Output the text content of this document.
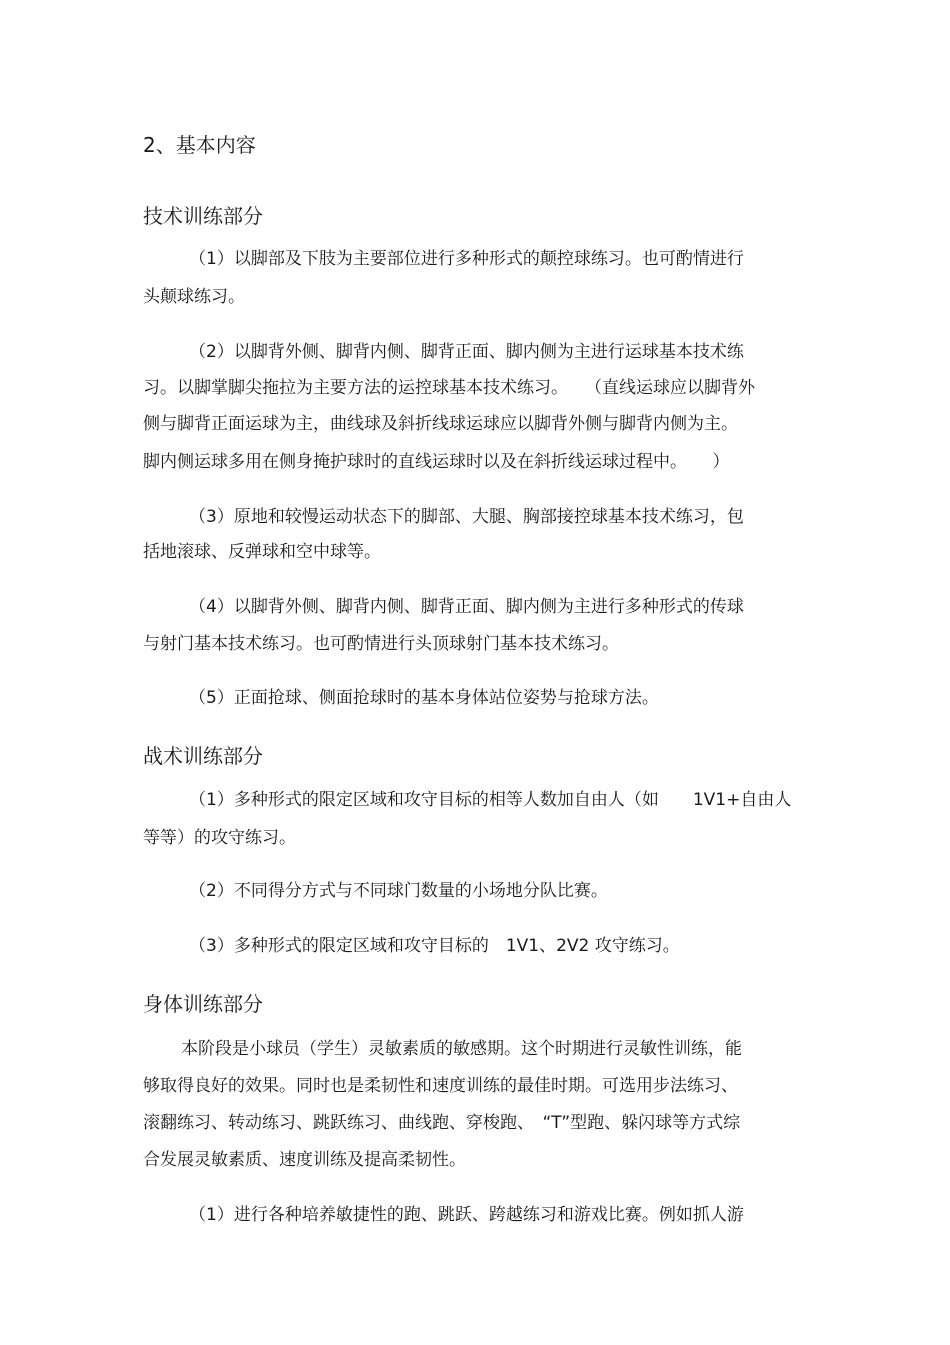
2、基本内容
技术训练部分
（1）以脚部及下肢为主要部位进行多种形式的颠控球练习。也可酌情进行
头颠球练习。
（2）以脚背外侧、脚背内侧、脚背正面、脚内侧为主进行运球基本技术练
习。以脚掌脚尖拖拉为主要方法的运控球基本技术练习。　　（直线运球应以脚背外
侧与脚背正面运球为主，曲线球及斜折线球运球应以脚背外侧与脚背内侧为主。
脚内侧运球多用在侧身掩护球时的直线运球时以及在斜折线运球过程中。　　）
（3）原地和较慢运动状态下的脚部、大腿、胸部接控球基本技术练习，包
括地滚球、反弹球和空中球等。
（4）以脚背外侧、脚背内侧、脚背正面、脚内侧为主进行多种形式的传球
与射门基本技术练习。也可酌情进行头顶球射门基本技术练习。
（5）正面抢球、侧面抢球时的基本身体站位姿势与抢球方法。
战术训练部分
（1）多种形式的限定区域和攻守目标的相等人数加自由人（如　　1V1+自由人
等等）的攻守练习。
（2）不同得分方式与不同球门数量的小场地分队比赛。
（3）多种形式的限定区域和攻守目标的　1V1、2V2 攻守练习。
身体训练部分
本阶段是小球员（学生）灵敏素质的敏感期。这个时期进行灵敏性训练，能
够取得良好的效果。同时也是柔韧性和速度训练的最佳时期。可选用步法练习、
滚翻练习、转动练习、跳跃练习、曲线跑、穿梭跑、　“T”型跑、躲闪球等方式综
合发展灵敏素质、速度训练及提高柔韧性。
（1）进行各种培养敏捷性的跑、跳跃、跨越练习和游戏比赛。例如抓人游
